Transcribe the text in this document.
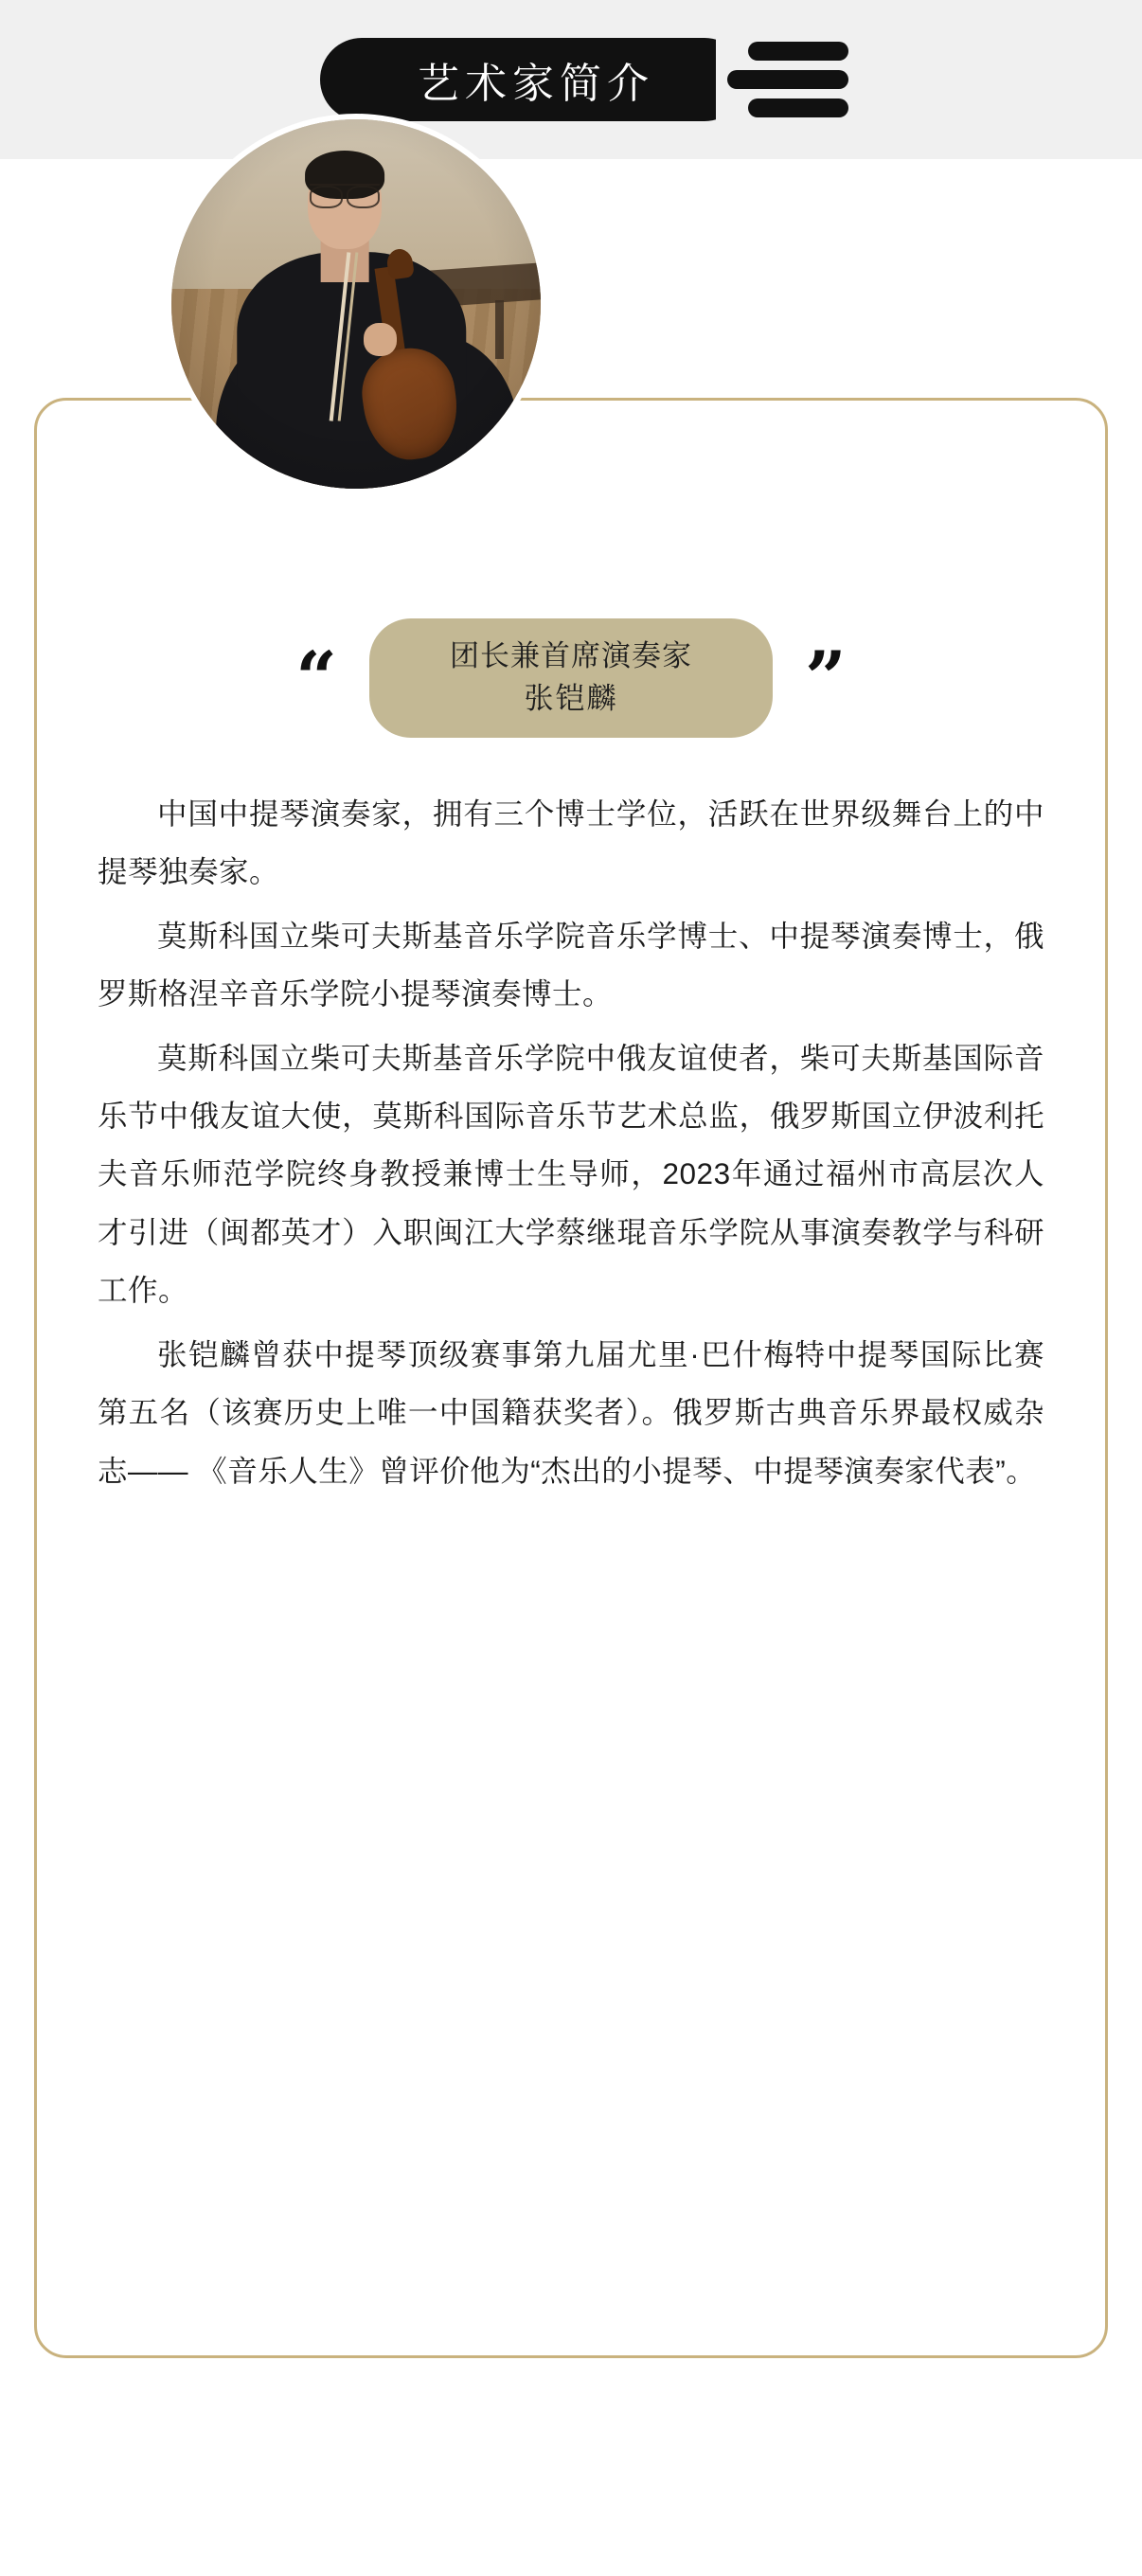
艺术家简介
“	团长兼首席演奏家
张铠麟	”

中国中提琴演奏家，拥有三个博士学位，活跃在世界级舞台上的中提琴独奏家。

莫斯科国立柴可夫斯基音乐学院音乐学博士、中提琴演奏博士，俄罗斯格涅辛音乐学院小提琴演奏博士。

莫斯科国立柴可夫斯基音乐学院中俄友谊使者，柴可夫斯基国际音乐节中俄友谊大使，莫斯科国际音乐节艺术总监，俄罗斯国立伊波利托夫音乐师范学院终身教授兼博士生导师，2023年通过福州市高层次人才引进（闽都英才）入职闽江大学蔡继琨音乐学院从事演奏教学与科研工作。

张铠麟曾获中提琴顶级赛事第九届尤里·巴什梅特中提琴国际比赛第五名（该赛历史上唯一中国籍获奖者）。俄罗斯古典音乐界最权威杂志—— 《音乐人生》曾评价他为“杰出的小提琴、中提琴演奏家代表”。
